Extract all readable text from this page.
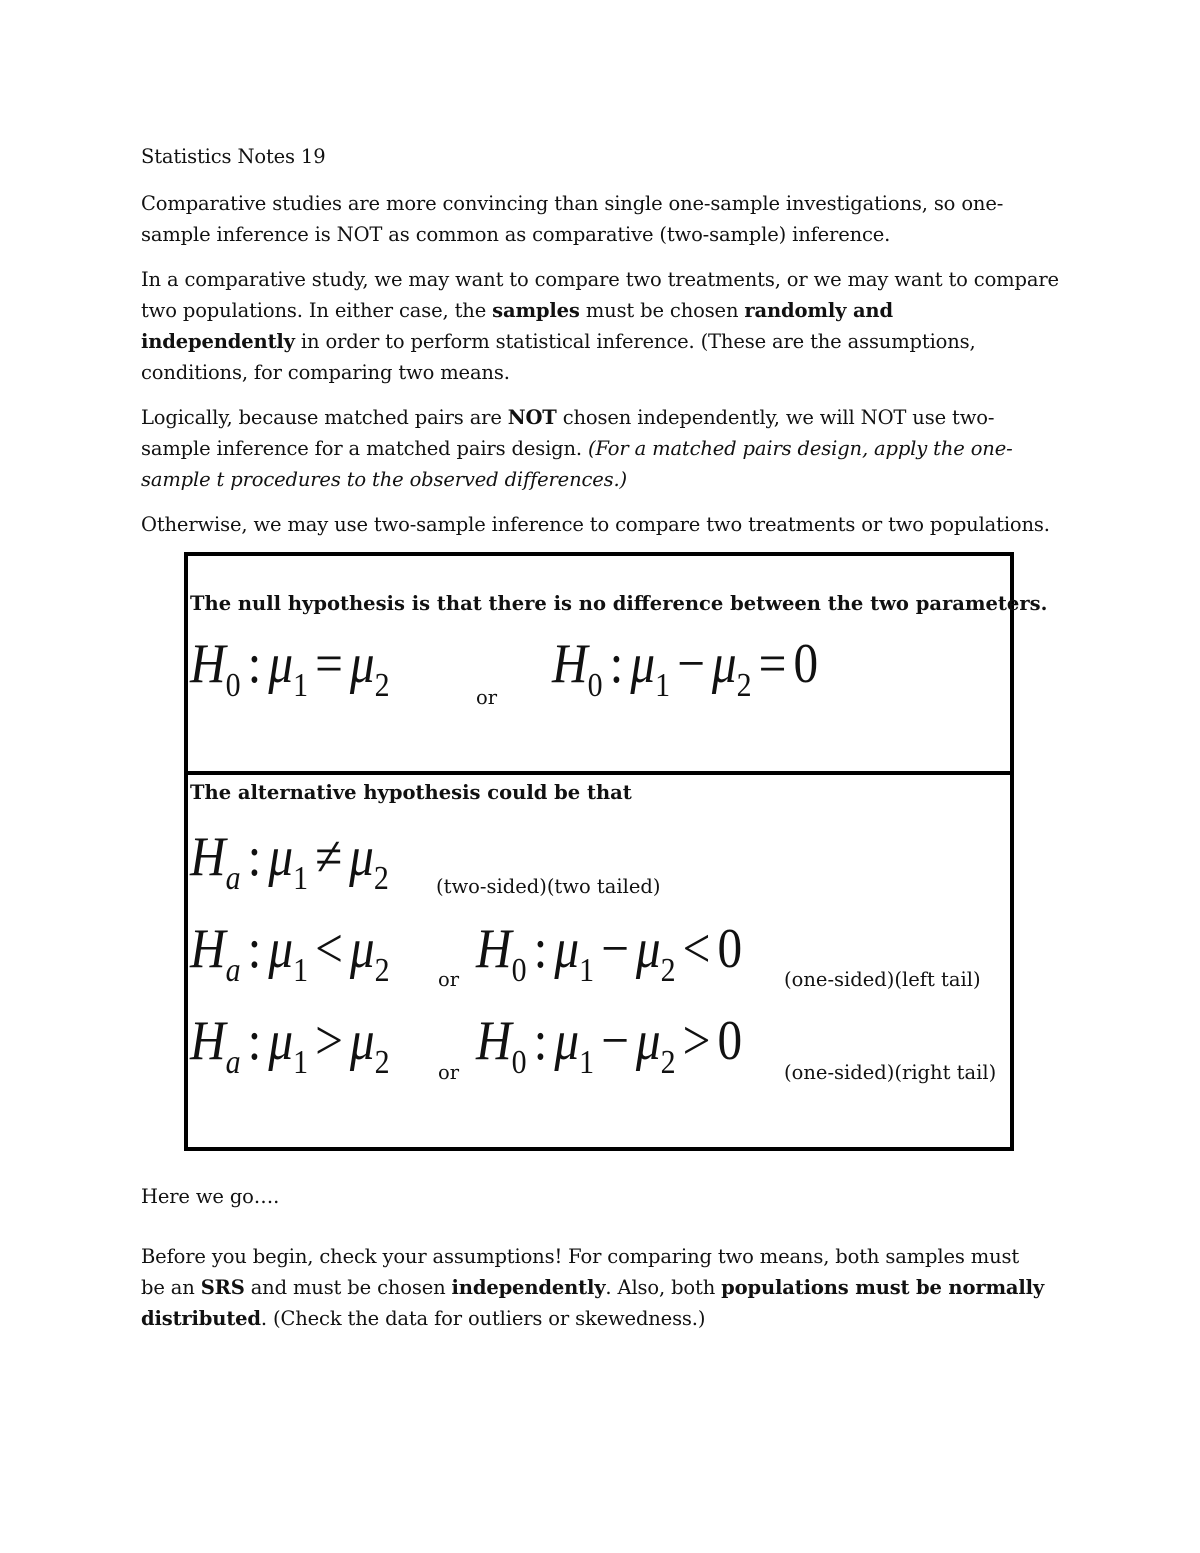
Statistics Notes 19
Comparative studies are more convincing than single one-sample investigations, so one-
sample inference is NOT as common as comparative (two-sample) inference.
In a comparative study, we may want to compare two treatments, or we may want to compare
two populations. In either case, the samples must be chosen randomly and
independently in order to perform statistical inference. (These are the assumptions,
conditions, for comparing two means.
Logically, because matched pairs are NOT chosen independently, we will NOT use two-
sample inference for a matched pairs design. (For a matched pairs design, apply the one-
sample t procedures to the observed differences.)
Otherwise, we may use two-sample inference to compare two treatments or two populations.
The null hypothesis is that there is no difference between the two parameters.
$H_0$ : $\mu_1 = \mu_2$	or
$H_0$ : $\mu_1 - \mu_2 = 0$
The alternative hypothesis could be that
$H_a$ : $\mu_1 \ne \mu_2$ (two-sided)(two tailed)
$H_a$ : $\mu_1 < \mu_2$ or $H_0$ : $\mu_1 - \mu_2 < 0$ (one-sided)(left tail)
$H_a$ : $\mu_1 > \mu_2$ or
$H_0$ : $\mu_1 - \mu_2 > 0$
(one-sided)(right tail)
Here we go….
Before you begin, check your assumptions! For comparing two means, both samples must
be an SRS and must be chosen independently. Also, both populations must be normally
distributed. (Check the data for outliers or skewedness.)
